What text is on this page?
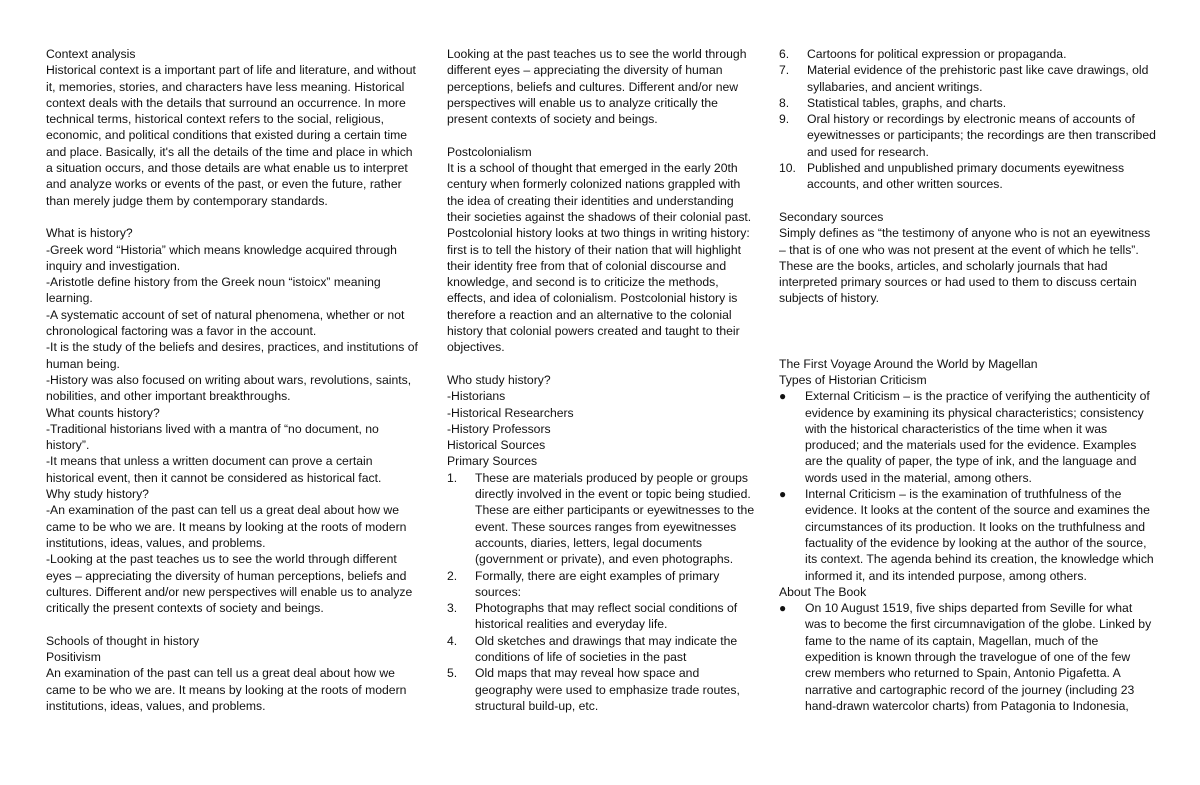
Context analysis

Historical context is a important part of life and literature, and without it, memories, stories, and characters have less meaning. Historical context deals with the details that surround an occurrence. In more technical terms, historical context refers to the social, religious, economic, and political conditions that existed during a certain time and place. Basically, it's all the details of the time and place in which a situation occurs, and those details are what enable us to interpret and analyze works or events of the past, or even the future, rather than merely judge them by contemporary standards.

What is history?

-Greek word “Historia” which means knowledge acquired through inquiry and investigation.

-Aristotle define history from the Greek noun “istoicx” meaning learning.

-A systematic account of set of natural phenomena, whether or not chronological factoring was a favor in the account.

-It is the study of the beliefs and desires, practices, and institutions of human being.

-History was also focused on writing about wars, revolutions, saints, nobilities, and other important breakthroughs.

What counts history?

-Traditional historians lived with a mantra of “no document, no history”.

-It means that unless a written document can prove a certain historical event, then it cannot be considered as historical fact.

Why study history?

-An examination of the past can tell us a great deal about how we came to be who we are. It means by looking at the roots of modern institutions, ideas, values, and problems.

-Looking at the past teaches us to see the world through different eyes – appreciating the diversity of human perceptions, beliefs and cultures. Different and/or new perspectives will enable us to analyze critically the present contexts of society and beings.

Schools of thought in history

Positivism

An examination of the past can tell us a great deal about how we came to be who we are. It means by looking at the roots of modern institutions, ideas, values, and problems.

Looking at the past teaches us to see the world through different eyes – appreciating the diversity of human perceptions, beliefs and cultures. Different and/or new perspectives will enable us to analyze critically the present contexts of society and beings.

Postcolonialism

It is a school of thought that emerged in the early 20th century when formerly colonized nations grappled with the idea of creating their identities and understanding their societies against the shadows of their colonial past. Postcolonial history looks at two things in writing history: first is to tell the history of their nation that will highlight their identity free from that of colonial discourse and knowledge, and second is to criticize the methods, effects, and idea of colonialism. Postcolonial history is therefore a reaction and an alternative to the colonial history that colonial powers created and taught to their objectives.

Who study history?

-Historians

-Historical Researchers

-History Professors

Historical Sources

Primary Sources

1.	These are materials produced by people or groups directly involved in the event or topic being studied. These are either participants or eyewitnesses to the event. These sources ranges from eyewitnesses accounts, diaries, letters, legal documents (government or private), and even photographs.
2.	Formally, there are eight examples of primary sources:
3.	Photographs that may reflect social conditions of historical realities and everyday life.
4.	Old sketches and drawings that may indicate the conditions of life of societies in the past
5.	Old maps that may reveal how space and geography were used to emphasize trade routes, structural build-up, etc.
6.	Cartoons for political expression or propaganda.
7.	Material evidence of the prehistoric past like cave drawings, old syllabaries, and ancient writings.
8.	Statistical tables, graphs, and charts.
9.	Oral history or recordings by electronic means of accounts of eyewitnesses or participants; the recordings are then transcribed and used for research.
10. Published and unpublished primary documents eyewitness accounts, and other written sources.

Secondary sources

Simply defines as “the testimony of anyone who is not an eyewitness – that is of one who was not present at the event of which he tells”. These are the books, articles, and scholarly journals that had interpreted primary sources or had used to them to discuss certain subjects of history.

The First Voyage Around the World by Magellan

Types of Historian Criticism

●	External Criticism – is the practice of verifying the authenticity of evidence by examining its physical characteristics; consistency with the historical characteristics of the time when it was produced; and the materials used for the evidence. Examples are the quality of paper, the type of ink, and the language and words used in the material, among others.
●	Internal Criticism – is the examination of truthfulness of the evidence. It looks at the content of the source and examines the circumstances of its production. It looks on the truthfulness and factuality of the evidence by looking at the author of the source, its context. The agenda behind its creation, the knowledge which informed it, and its intended purpose, among others.

About The Book

●	On 10 August 1519, five ships departed from Seville for what was to become the first circumnavigation of the globe. Linked by fame to the name of its captain, Magellan, much of the expedition is known through the travelogue of one of the few crew members who returned to Spain, Antonio Pigafetta. A narrative and cartographic record of the journey (including 23 hand-drawn watercolor charts) from Patagonia to Indonesia,
